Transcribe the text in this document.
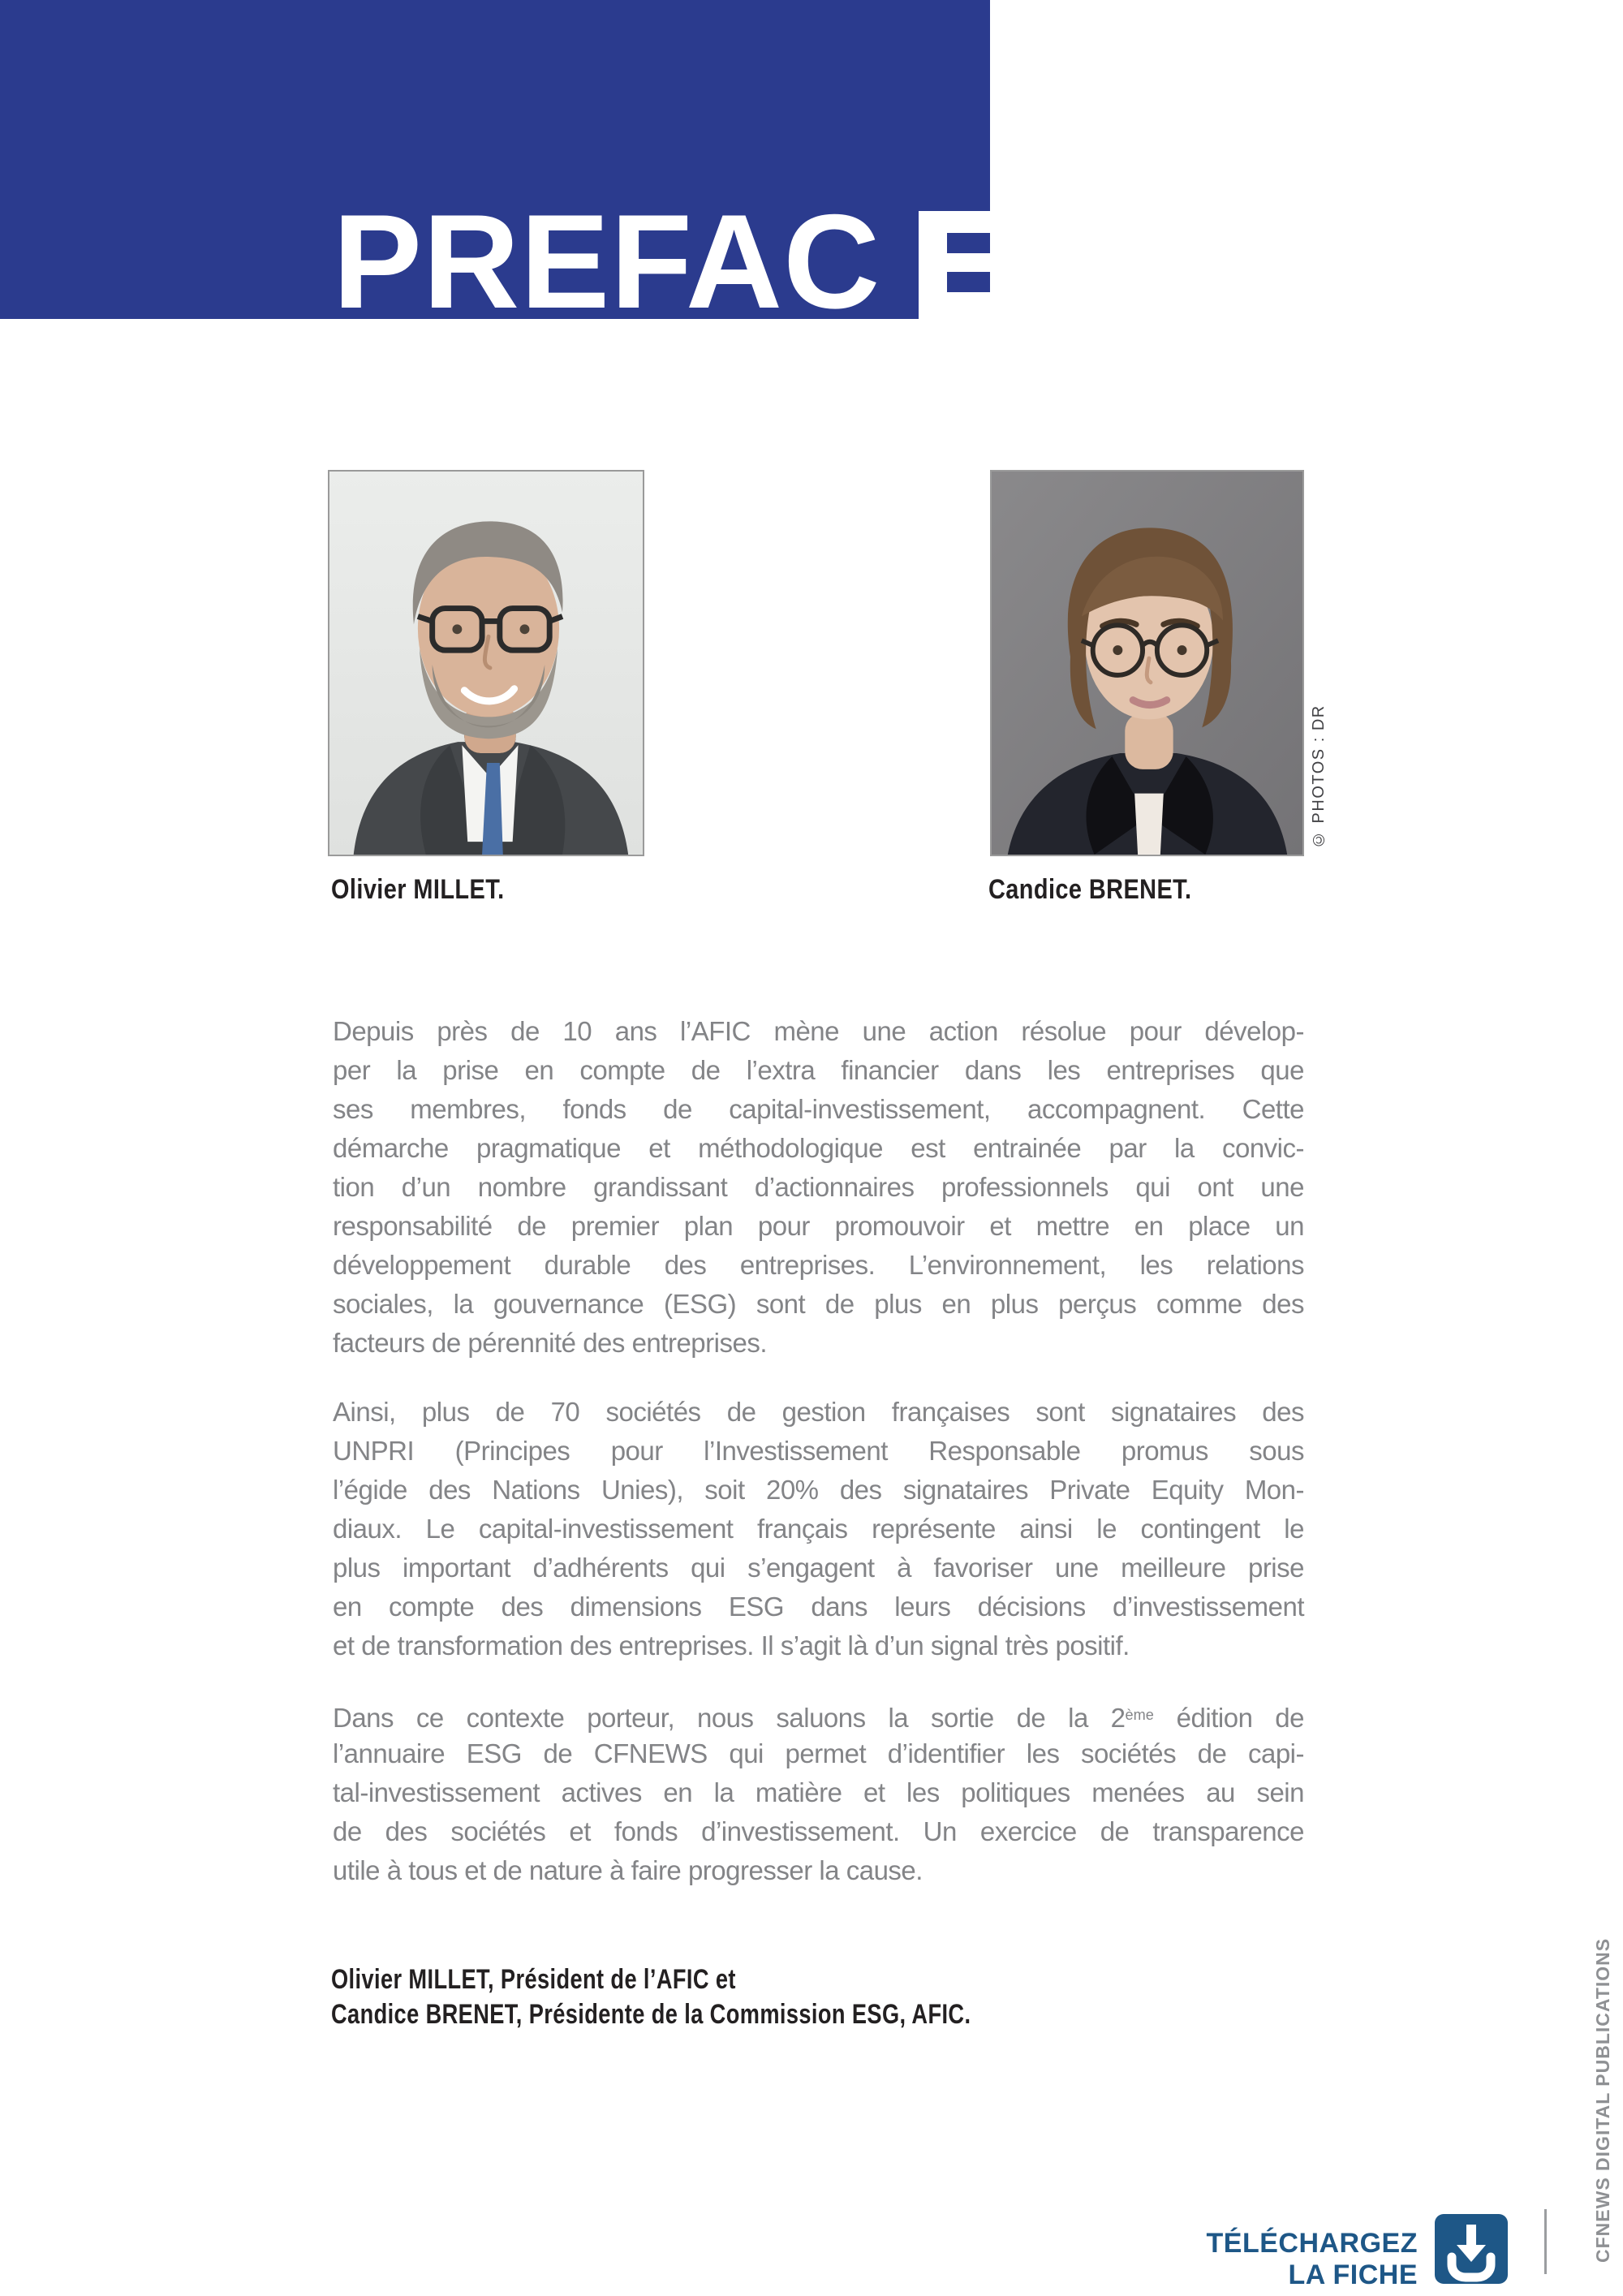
PREFAC
© PHOTOS : DR
Olivier MILLET.	Candice BRENET.
Depuis près de 10 ans l’AFIC mène une action résolue pour dévelop-
per la prise en compte de l’extra financier dans les entreprises que
ses membres, fonds de capital-investissement, accompagnent. Cette
démarche pragmatique et méthodologique est entrainée par la convic-
tion d’un nombre grandissant d’actionnaires professionnels qui ont une
responsabilité de premier plan pour promouvoir et mettre en place un
développement durable des entreprises. L’environnement, les relations
sociales, la gouvernance (ESG) sont de plus en plus perçus comme des
facteurs de pérennité des entreprises.
Ainsi, plus de 70 sociétés de gestion françaises sont signataires des
UNPRI (Principes pour l’Investissement Responsable promus sous
l’égide des Nations Unies), soit 20% des signataires Private Equity Mon-
diaux. Le capital-investissement français représente ainsi le contingent le
plus important d’adhérents qui s’engagent à favoriser une meilleure prise
en compte des dimensions ESG dans leurs décisions d’investissement
et de transformation des entreprises. Il s’agit là d’un signal très positif.
Dans ce contexte porteur, nous saluons la sortie de la 2ème édition de
l’annuaire ESG de CFNEWS qui permet d’identifier les sociétés de capi-
tal-investissement actives en la matière et les politiques menées au sein
de des sociétés et fonds d’investissement. Un exercice de transparence
utile à tous et de nature à faire progresser la cause.
Olivier MILLET, Président de l’AFIC et
Candice BRENET, Présidente de la Commission ESG, AFIC.
TÉLÉCHARGEZ
LA FICHE
CFNEWS DIGITAL PUBLICATIONS
